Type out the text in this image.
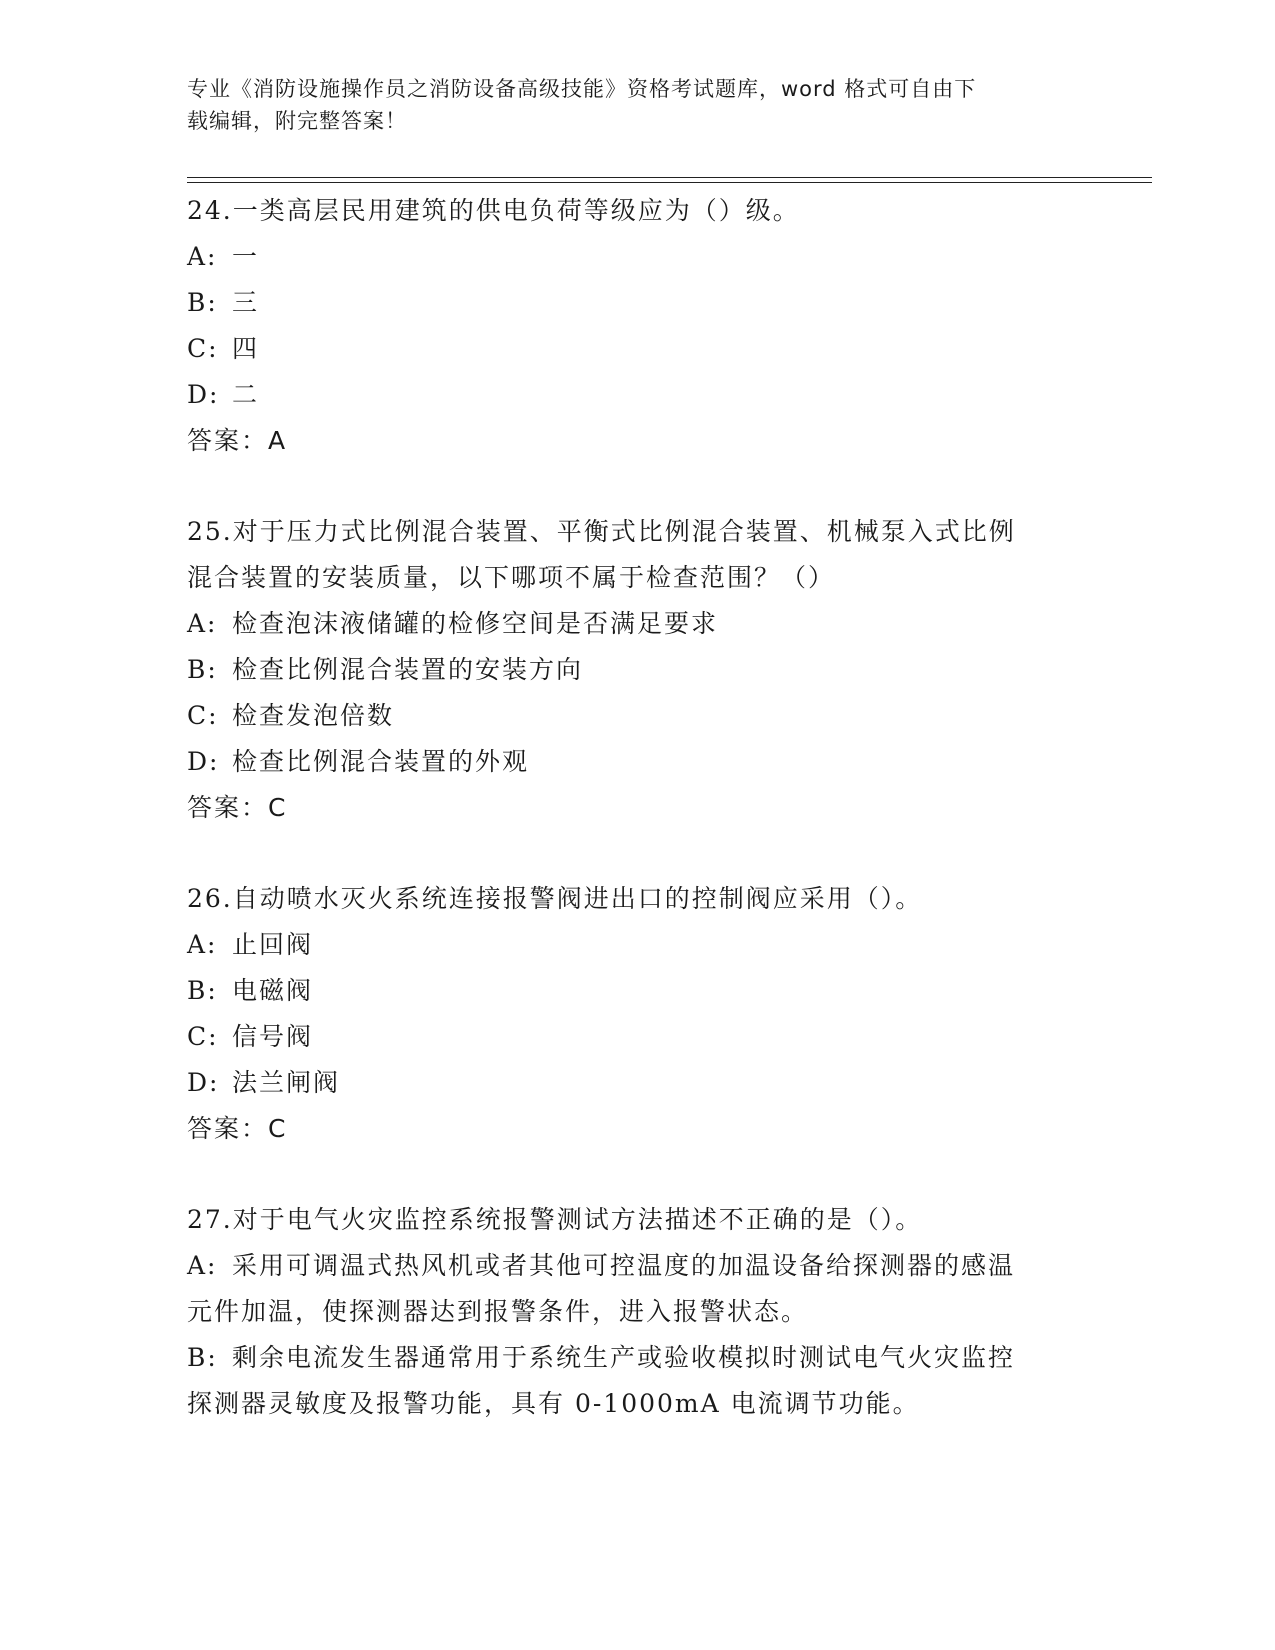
专业《消防设施操作员之消防设备高级技能》资格考试题库，word 格式可自由下
载编辑，附完整答案！
24.一类高层民用建筑的供电负荷等级应为（）级。
A: 一
B: 三
C: 四
D: 二
答案：A
25.对于压力式比例混合装置、平衡式比例混合装置、机械泵入式比例
混合装置的安装质量，以下哪项不属于检查范围？（）
A: 检查泡沫液储罐的检修空间是否满足要求
B: 检查比例混合装置的安装方向
C: 检查发泡倍数
D: 检查比例混合装置的外观
答案：C
26.自动喷水灭火系统连接报警阀进出口的控制阀应采用（）。
A: 止回阀
B: 电磁阀
C: 信号阀
D: 法兰闸阀
答案：C
27.对于电气火灾监控系统报警测试方法描述不正确的是（）。
A: 采用可调温式热风机或者其他可控温度的加温设备给探测器的感温
元件加温，使探测器达到报警条件，进入报警状态。
B: 剩余电流发生器通常用于系统生产或验收模拟时测试电气火灾监控
探测器灵敏度及报警功能，具有 0-1000mA 电流调节功能。
